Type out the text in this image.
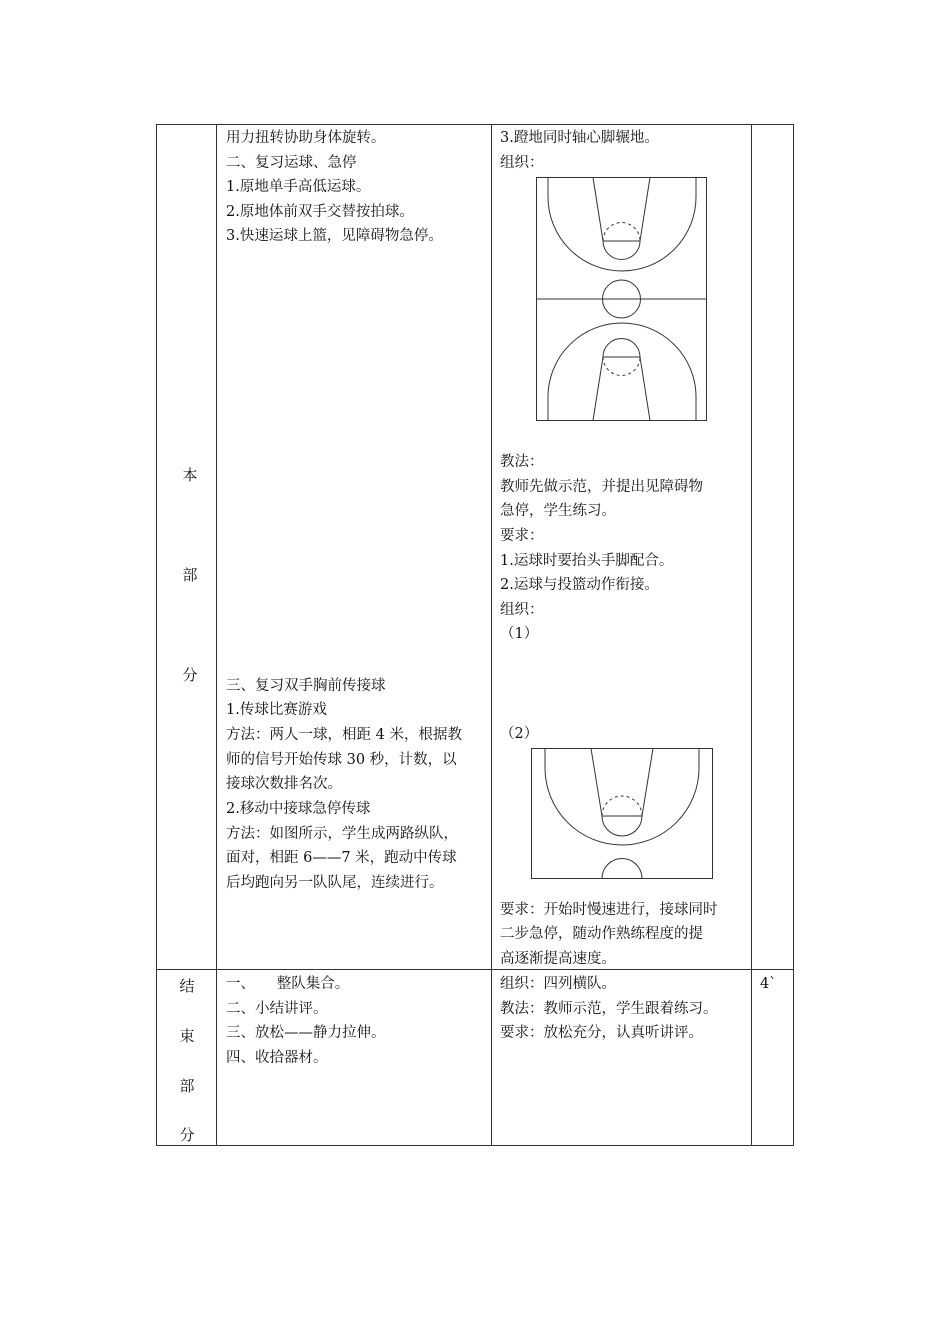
本
部
分
结
束
部
分
用力扭转协助身体旋转。
二、复习运球、急停
1.原地单手高低运球。
2.原地体前双手交替按拍球。
3.快速运球上篮，见障碍物急停。
三、复习双手胸前传接球
1.传球比赛游戏
方法：两人一球，相距 4 米，根据教
师的信号开始传球 30 秒，计数，以
接球次数排名次。
2.移动中接球急停传球
方法：如图所示，学生成两路纵队，
面对，相距 6——7 米，跑动中传球
后均跑向另一队队尾，连续进行。
3.蹬地同时轴心脚辗地。
组织：
教法：
教师先做示范，并提出见障碍物
急停，学生练习。
要求：
1.运球时要抬头手脚配合。
2.运球与投篮动作衔接。
组织：
（1）
（2）
要求：开始时慢速进行，接球同时
二步急停，随动作熟练程度的提
高逐渐提高速度。
一、　　整队集合。
二、小结讲评。
三、放松——静力拉伸。
四、收拾器材。
组织：四列横队。
教法：教师示范，学生跟着练习。
要求：放松充分，认真听讲评。
4`
